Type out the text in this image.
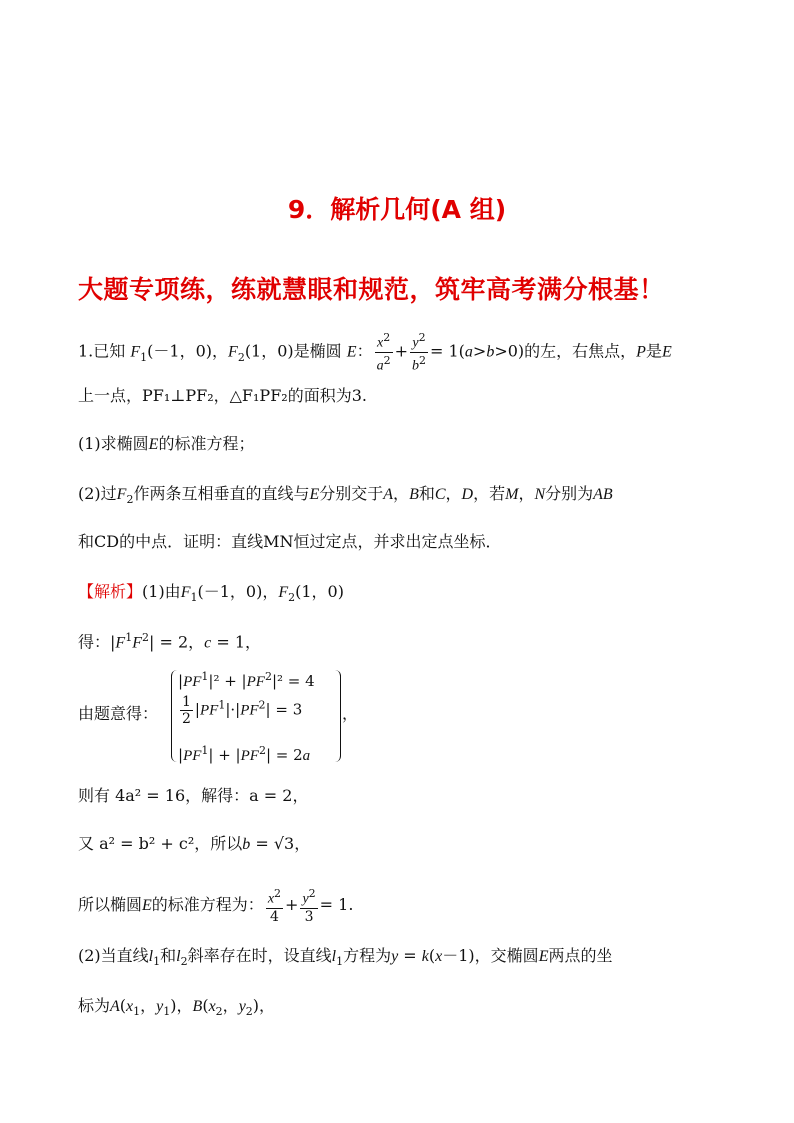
9．解析几何(A 组)
大题专项练，练就慧眼和规范，筑牢高考满分根基！
1.已知 $F_1(-1$，0)，$F_2(1$，0)是椭圆 E： $\frac{x^2}{a^2} + \frac{y^2}{b^2} = 1(a>b>0)$的左，右焦点，P是E
上一点，PF₁⊥PF₂，△F₁PF₂的面积为3.
(1)求椭圆E的标准方程；
(2)过$F_2$作两条互相垂直的直线与E分别交于A，B和C，D，若M，N分别为AB
和CD的中点．证明：直线MN恒过定点，并求出定点坐标．
【解析】(1)由$F_1(-1$，0)，$F_2(1$，0)
得：$|F^1F^2| = 2$，c = 1，
由题意得：
$|PF^1|^2 + |PF^2|^2 = 4$
$\frac{1}{2} |PF^1|\cdot|PF^2| = 3$
$|PF^1| + |PF^2| = 2a$
，
则有 4a² = 16，解得：a = 2，
又 a² = b² + c²，所以b = √3，
所以椭圆E的标准方程为： $\frac{x^2}{4} + \frac{y^2}{3} = 1$.
(2)当直线$l_1$和$l_2$斜率存在时，设直线$l_1$方程为y = k(x－1)，交椭圆E两点的坐
标为$A(x_1$，$y_1$)，$B(x_2$，$y_2$)，
